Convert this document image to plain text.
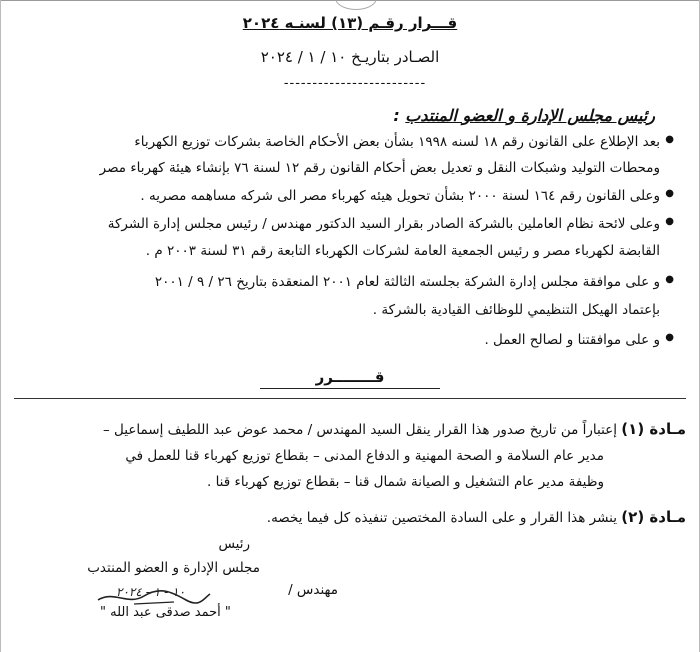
قـــرار رقـم (١٣) لسنـه ٢٠٢٤
الصـادر بتاريـخ ١٠ / ١ / ٢٠٢٤
-------------------------
رئيس مجلس الإدارة و العضو المنتدب :
●
بعد الإطلاع على القانون رقم ١٨ لسنه ١٩٩٨ بشأن بعض الأحكام الخاصة بشركات توزيع الكهرباء
ومحطات التوليد وشبكات النقل و تعديل بعض أحكام القانون رقم ١٢ لسنة ٧٦ بإنشاء هيئة كهرباء مصر
●
وعلى القانون رقم ١٦٤ لسنة ٢٠٠٠ بشأن تحويل هيئه كهرباء مصر الى شركه مساهمه مصريه .
●
وعلى لائحة نظام العاملين بالشركة الصادر بقرار السيد الدكتور مهندس / رئيس مجلس إدارة الشركة
القابضة لكهرباء مصر و رئيس الجمعية العامة لشركات الكهرباء التابعة رقم ٣١ لسنة ٢٠٠٣ م .
●
و على موافقة مجلس إدارة الشركة بجلسته الثالثة لعام ٢٠٠١ المنعقدة بتاريخ ٢٦ / ٩ / ٢٠٠١
بإعتماد الهيكل التنظيمي للوظائف القيادية بالشركة .
●
و على موافقتنا و لصالح العمل .
قــــــــرر
مـادة (١) إعتباراً من تاريخ صدور هذا القرار ينقل السيد المهندس / محمد عوض عبد اللطيف إسماعيل –
مدير عام السلامة و الصحة المهنية و الدفاع المدنى – بقطاع توزيع كهرباء قنا للعمل في
وظيفة مدير عام التشغيل و الصيانة شمال قنا – بقطاع توزيع كهرباء قنا .
مـادة (٢) ينشر هذا القرار و على السادة المختصين تنفيذه كل فيما يخصه.
رئيس
مجلس الإدارة و العضو المنتدب
مهندس /
١٠ - ١ - ٢٠٢٤
" أحمد صدقى عبد الله "
